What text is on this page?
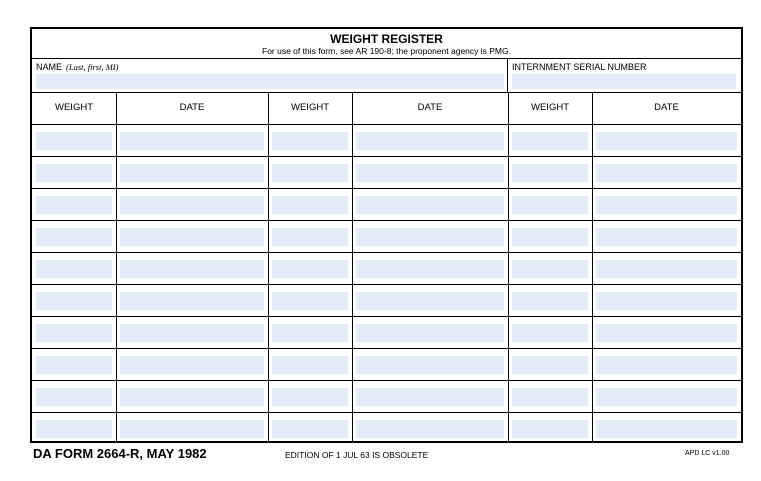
WEIGHT REGISTER
For use of this form, see AR 190-8; the proponent agency is PMG.
NAME (Last, first, MI)	INTERNMENT SERIAL NUMBER
WEIGHT	DATE	WEIGHT	DATE	WEIGHT	DATE
DA FORM 2664-R, MAY 1982	EDITION OF 1 JUL 63 IS OBSOLETE	APD LC v1.00
